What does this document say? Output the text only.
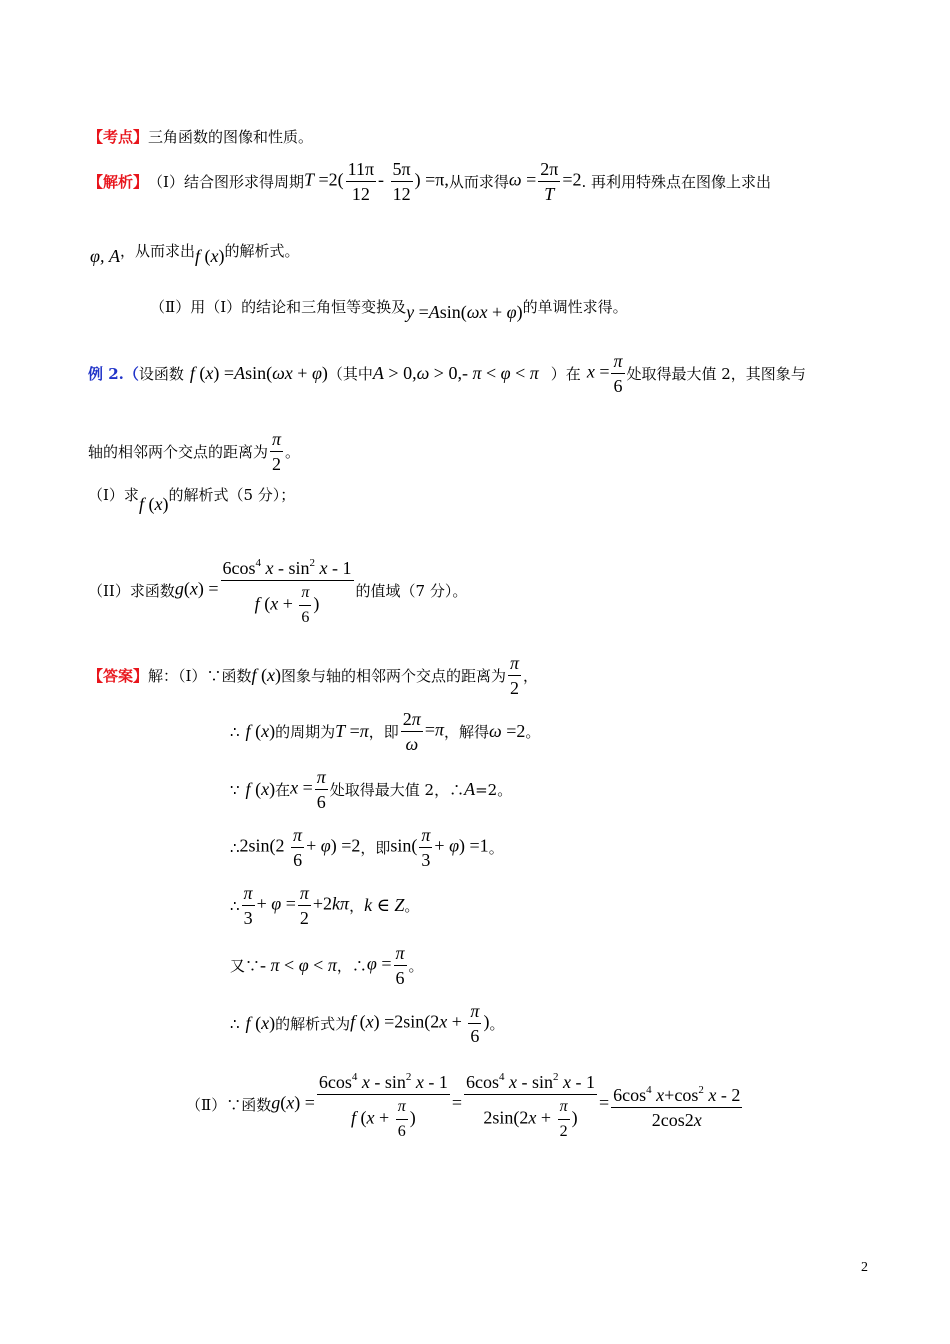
【考点】 三角函数的图像和性质。
【解析】 （Ⅰ）结合图形求得周期 $T =2( \frac{11\pi}{12} - \frac{5\pi}{12}$ ) =π, 从而求得 $\omega = \frac{2\pi}{T} =2$ . 再利用特殊点在图像上求出
φ, A ，从而求出 f (x) 的解析式。
（Ⅱ）用（Ⅰ）的结论和三角恒等变换及 y =Asin(ωx + φ) 的单调性求得。
例 2.（ 设函数 f (x) =Asin(ωx + φ) （其中 A > 0,ω > 0,- π < φ < π ）在 $x = \frac{\pi}{6}$ 处取得最大值 2，其图象与
轴的相邻两个交点的距离为 $\frac{\pi}{2}$ 。
（I）求 f (x) 的解析式（5 分）；
（II）求函数 $g(x) = \frac{6\cos^4 x - \sin^2 x - 1}{f (x + \frac{\pi}{6} )}$ 的值域（7 分）。
【答案】 解：（Ⅰ）∵函数 f (x) 图象与轴的相邻两个交点的距离为 $\frac{\pi}{2}$ ，
∴ f (x) 的周期为 T =π ，即 $\frac{2\pi}{\omega} =\pi$ ，解得 ω =2 。
∵ f (x) 在 $x = \frac{\pi}{6}$ 处取得最大值 2，∴ A =2。
∴ $2\sin(2 \frac{\pi}{6} + \varphi) =2$ ，即 $\sin( \frac{\pi}{3} + \varphi) =1$ 。
∴ $\frac{\pi}{3} + \varphi = \frac{\pi}{2} +2k\pi$ ， k ∈ Z 。
又∵ - π < φ < π ，∴ $\varphi = \frac{\pi}{6}$ 。
∴ f (x) 的解析式为 f $(x) =2\sin(2x + \frac{\pi}{6}$ ) 。
（Ⅱ）∵函数 $g(x) = \frac{6\cos^4 x - \sin^2 x - 1}{f (x + \frac{\pi}{6} )} = \frac{6\cos^4 x - \sin^2 x - 1}{2\sin(2x + \frac{\pi}{2} )} = \frac{6\cos^4 x+\cos^2 x - 2}{2\cos 2x}$
2
